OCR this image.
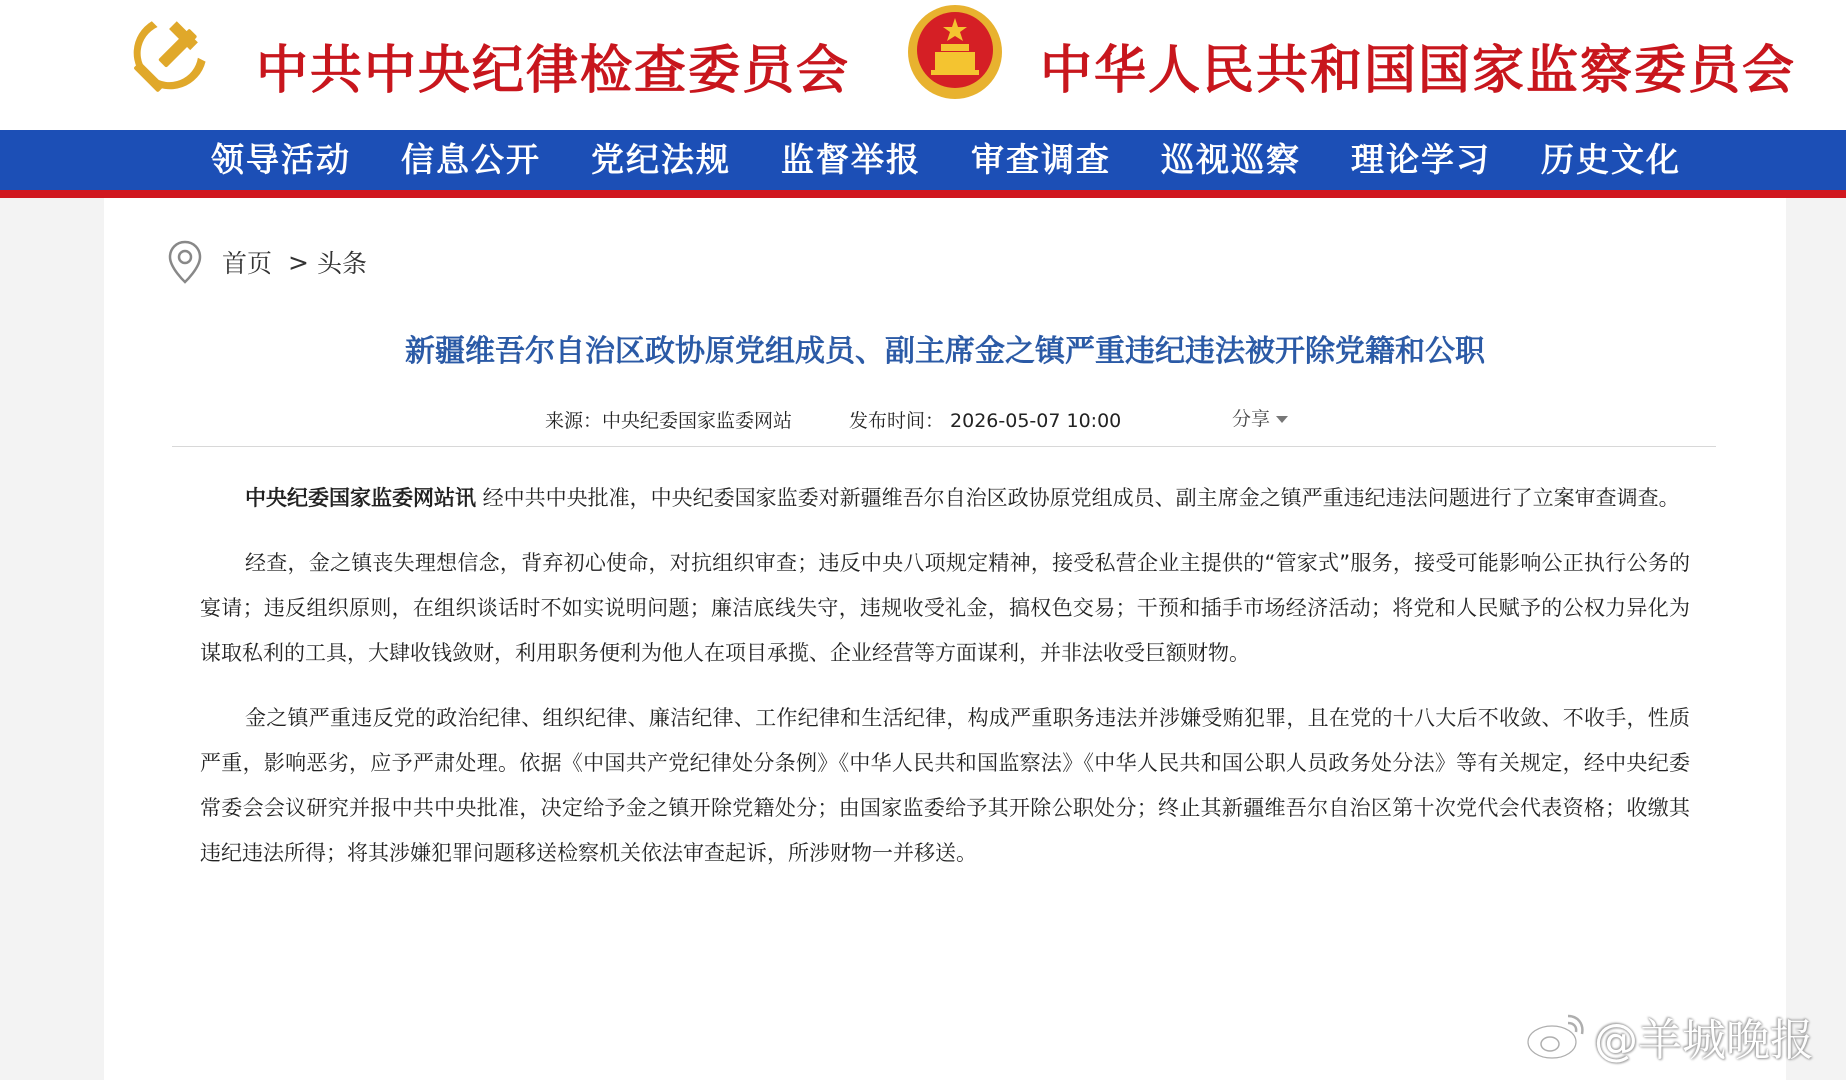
中共中央纪律检查委员会	中华人民共和国国家监察委员会
领导活动	信息公开	党纪法规	监督举报	审查调查	巡视巡察	理论学习	历史文化
首页 > 头条
新疆维吾尔自治区政协原党组成员、副主席金之镇严重违纪违法被开除党籍和公职
来源：中央纪委国家监委网站	发布时间： 2026-05-07 10:00	分享

中央纪委国家监委网站讯 经中共中央批准，中央纪委国家监委对新疆维吾尔自治区政协原党组成员、副主席金之镇严重违纪违法问题进行了立案审查调查。

经查，金之镇丧失理想信念，背弃初心使命，对抗组织审查；违反中央八项规定精神，接受私营企业主提供的“管家式”服务，接受可能影响公正执行公务的宴请；违反组织原则，在组织谈话时不如实说明问题；廉洁底线失守，违规收受礼金，搞权色交易；干预和插手市场经济活动；将党和人民赋予的公权力异化为谋取私利的工具，大肆收钱敛财，利用职务便利为他人在项目承揽、企业经营等方面谋利，并非法收受巨额财物。

金之镇严重违反党的政治纪律、组织纪律、廉洁纪律、工作纪律和生活纪律，构成严重职务违法并涉嫌受贿犯罪，且在党的十八大后不收敛、不收手，性质严重，影响恶劣，应予严肃处理。依据《中国共产党纪律处分条例》《中华人民共和国监察法》《中华人民共和国公职人员政务处分法》等有关规定，经中央纪委常委会会议研究并报中共中央批准，决定给予金之镇开除党籍处分；由国家监委给予其开除公职处分；终止其新疆维吾尔自治区第十次党代会代表资格；收缴其违纪违法所得；将其涉嫌犯罪问题移送检察机关依法审查起诉，所涉财物一并移送。

@羊城晚报
